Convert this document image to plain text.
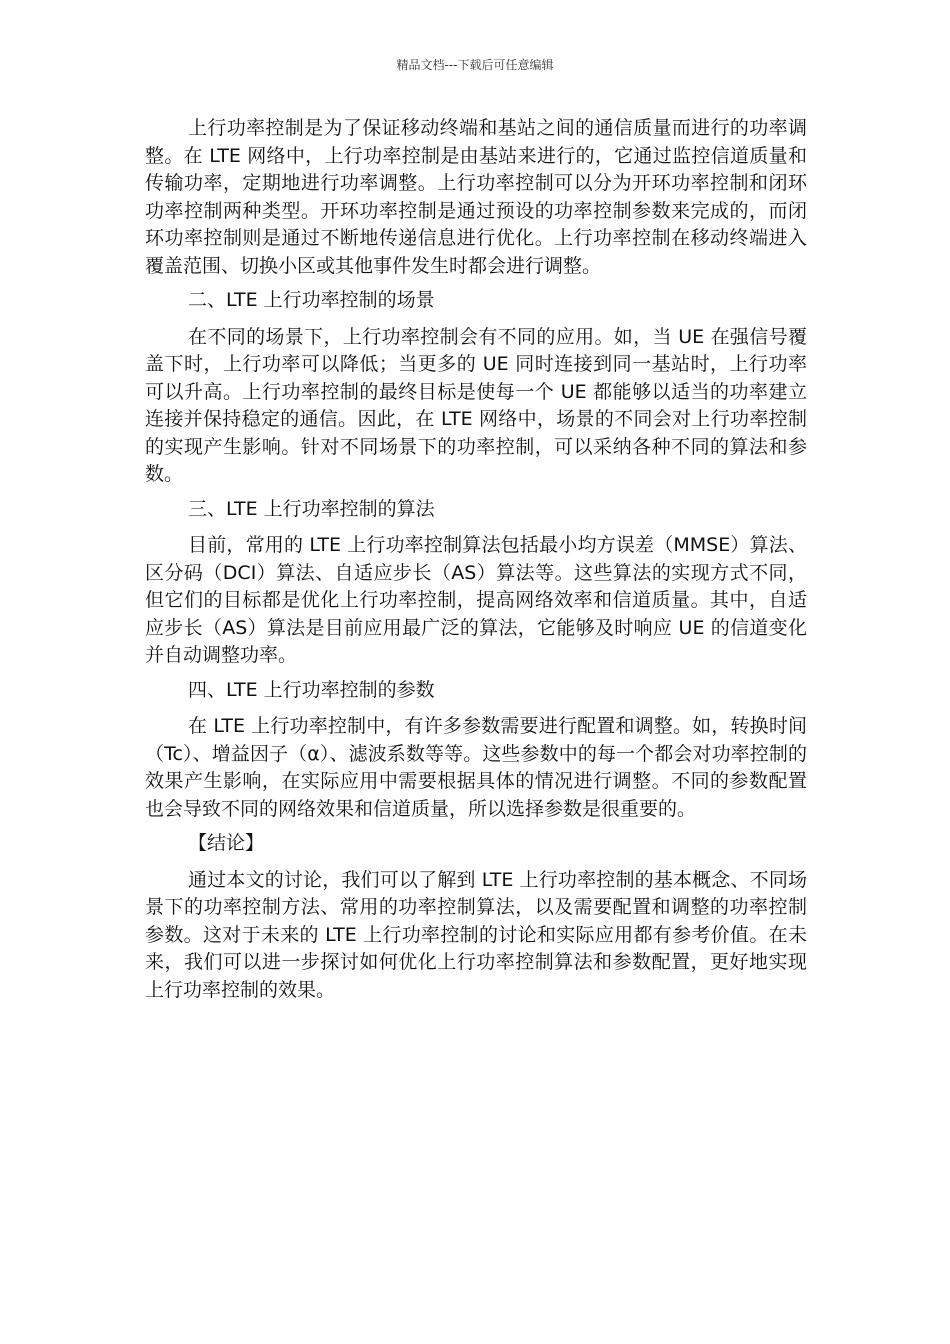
精品文档---下载后可任意编辑

上行功率控制是为了保证移动终端和基站之间的通信质量而进行的功率调整。在 LTE 网络中，上行功率控制是由基站来进行的，它通过监控信道质量和传输功率，定期地进行功率调整。上行功率控制可以分为开环功率控制和闭环功率控制两种类型。开环功率控制是通过预设的功率控制参数来完成的，而闭环功率控制则是通过不断地传递信息进行优化。上行功率控制在移动终端进入覆盖范围、切换小区或其他事件发生时都会进行调整。

二、LTE 上行功率控制的场景

在不同的场景下，上行功率控制会有不同的应用。如，当 UE 在强信号覆盖下时，上行功率可以降低；当更多的 UE 同时连接到同一基站时，上行功率可以升高。上行功率控制的最终目标是使每一个 UE 都能够以适当的功率建立连接并保持稳定的通信。因此，在 LTE 网络中，场景的不同会对上行功率控制的实现产生影响。针对不同场景下的功率控制，可以采纳各种不同的算法和参数。

三、LTE 上行功率控制的算法

目前，常用的 LTE 上行功率控制算法包括最小均方误差（MMSE）算法、区分码（DCI）算法、自适应步长（AS）算法等。这些算法的实现方式不同，但它们的目标都是优化上行功率控制，提高网络效率和信道质量。其中，自适应步长（AS）算法是目前应用最广泛的算法，它能够及时响应 UE 的信道变化并自动调整功率。

四、LTE 上行功率控制的参数

在 LTE 上行功率控制中，有许多参数需要进行配置和调整。如，转换时间（Tc）、增益因子（α）、滤波系数等等。这些参数中的每一个都会对功率控制的效果产生影响，在实际应用中需要根据具体的情况进行调整。不同的参数配置也会导致不同的网络效果和信道质量，所以选择参数是很重要的。

【结论】

通过本文的讨论，我们可以了解到 LTE 上行功率控制的基本概念、不同场景下的功率控制方法、常用的功率控制算法，以及需要配置和调整的功率控制参数。这对于未来的 LTE 上行功率控制的讨论和实际应用都有参考价值。在未来，我们可以进一步探讨如何优化上行功率控制算法和参数配置，更好地实现上行功率控制的效果。
